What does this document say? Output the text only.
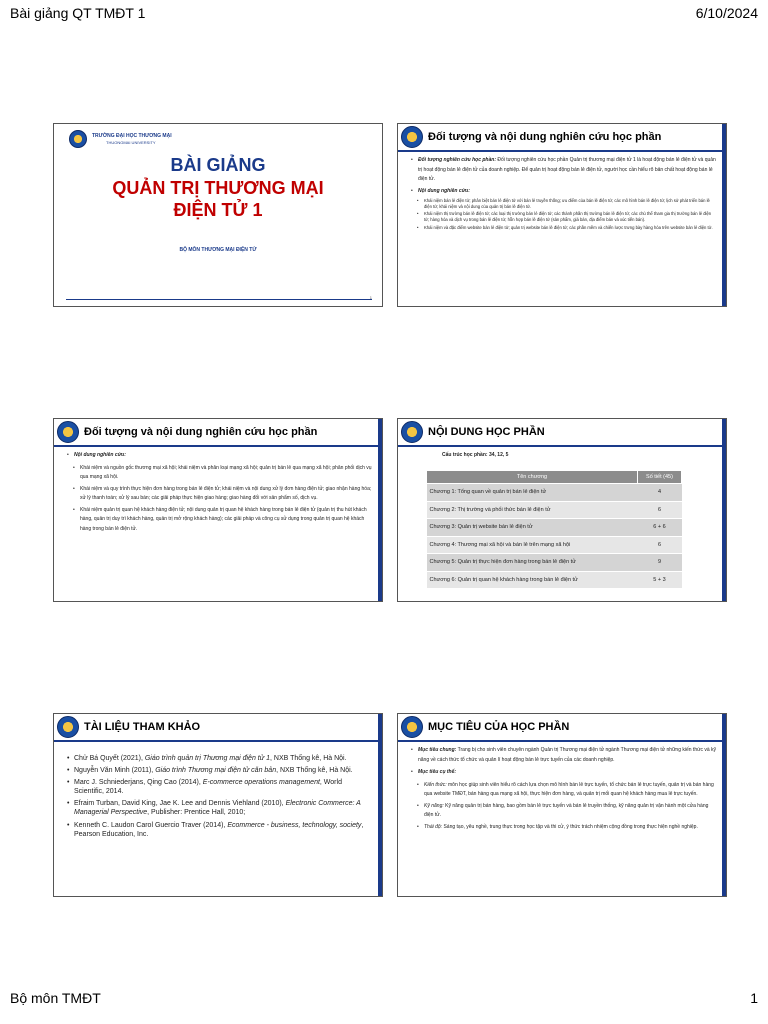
Bài giảng QT TMĐT 1	6/10/2024
TRƯỜNG ĐẠI HỌC THƯƠNG MẠI
THUONGMAI UNIVERSITY
BÀI GIẢNG
QUẢN TRỊ THƯƠNG MẠI
ĐIỆN TỬ 1
BỘ MÔN THƯƠNG MẠI ĐIỆN TỬ
1
Đối tượng và nội dung nghiên cứu học phần
• Đối tượng nghiên cứu học phần: Đối tượng nghiên cứu học phần Quản trị thương mại điện tử 1 là hoạt động bán lẻ điện tử và quản trị hoạt động bán lẻ điện tử của doanh nghiệp. Để quản trị hoạt động bán lẻ điện tử, người học cần hiểu rõ bản chất hoạt động bán lẻ điện tử.
• Nội dung nghiên cứu:
• Khái niệm bán lẻ điện tử; phân biệt bán lẻ điện tử với bán lẻ truyền thống; ưu điểm của bán lẻ điện tử; các mô hình bán lẻ điện tử; lịch sử phát triển bán lẻ điện tử; khái niệm và nội dung của quản trị bán lẻ điện tử.
• Khái niệm thị trường bán lẻ điện tử; các loại thị trường bán lẻ điện tử; các thành phần thị trường bán lẻ điện tử; các chủ thể tham gia thị trường bán lẻ điện tử; hàng hóa và dịch vụ trong bán lẻ điện tử; hỗn hợp bán lẻ điện tử (sản phẩm, giá bán, địa điểm bán và xúc tiến bán).
• Khái niệm và đặc điểm website bán lẻ điện tử; quản trị website bán lẻ điện tử; các phần mềm và chiến lược trưng bày hàng hóa trên website bán lẻ điện tử.
Đối tượng và nội dung nghiên cứu học phần
• Nội dung nghiên cứu:
• Khái niệm và nguồn gốc thương mại xã hội; khái niệm và phân loại mạng xã hội; quản trị bán lẻ qua mạng xã hội; phân phối dịch vụ qua mạng xã hội.
• Khái niệm và quy trình thực hiện đơn hàng trong bán lẻ điện tử; khái niệm và nội dung xử lý đơn hàng điện tử; giao nhận hàng hóa; xử lý thanh toán; xử lý sau bán; các giải pháp thực hiện giao hàng; giao hàng đối với sản phẩm số, dịch vụ.
• Khái niệm quản trị quan hệ khách hàng điện tử; nội dung quản trị quan hệ khách hàng trong bán lẻ điện tử (quản trị thu hút khách hàng, quản trị duy trì khách hàng, quản trị mở rộng khách hàng); các giải pháp và công cụ sử dụng trong quản trị quan hệ khách hàng trong bán lẻ điện tử.
NỘI DUNG HỌC PHẦN
Cấu trúc học phần: 34, 12, 5
Tên chương	Số tiết (45)
Chương 1: Tổng quan về quản trị bán lẻ điện tử	4
Chương 2: Thị trường và phối thức bán lẻ điện tử	6
Chương 3: Quản trị website bán lẻ điện tử	6 + 6
Chương 4: Thương mại xã hội và bán lẻ trên mạng xã hội	6
Chương 5: Quản trị thực hiện đơn hàng trong bán lẻ điện tử	9
Chương 6: Quản trị quan hệ khách hàng trong bán lẻ điện tử	5 + 3
TÀI LIỆU THAM KHẢO
• Chử Bá Quyết (2021), Giáo trình quản trị Thương mại điện tử 1, NXB Thống kê, Hà Nội.
• Nguyễn Văn Minh (2011), Giáo trình Thương mại điện tử căn bản, NXB Thống kê, Hà Nội.
• Marc J. Schniederjans, Qing Cao (2014), E-commerce operations management, World Scientific, 2014.
• Efraim Turban, David King, Jae K. Lee and Dennis Viehland (2010), Electronic Commerce: A Managerial Perspective, Publisher: Prentice Hall, 2010;
• Kenneth C. Laudon Carol Guercio Traver (2014), Ecommerce - business, technology, society, Pearson Education, Inc.
MỤC TIÊU CỦA HỌC PHẦN
• Mục tiêu chung: Trang bị cho sinh viên chuyên ngành Quản trị Thương mại điện tử ngành Thương mại điện tử những kiến thức và kỹ năng về cách thức tổ chức và quản lí hoạt động bán lẻ trực tuyến của các doanh nghiệp.
• Mục tiêu cụ thể:
• Kiến thức: môn học giúp sinh viên hiểu rõ cách lựa chọn mô hình bán lẻ trực tuyến, tổ chức bán lẻ trực tuyến, quản trị và bán hàng qua website TMĐT, bán hàng qua mạng xã hội, thực hiện đơn hàng, và quản trị mối quan hệ khách hàng mua lẻ trực tuyến.
• Kỹ năng: Kỹ năng quản trị bán hàng, bao gồm bán lẻ trực tuyến và bán lẻ truyền thống, kỹ năng quản trị vận hành một cửa hàng điện tử.
• Thái độ: Sáng tạo, yêu nghề, trung thực trong học tập và thi cử, ý thức trách nhiệm cộng đồng trong thực hiện nghề nghiệp.
Bộ môn TMĐT	1
